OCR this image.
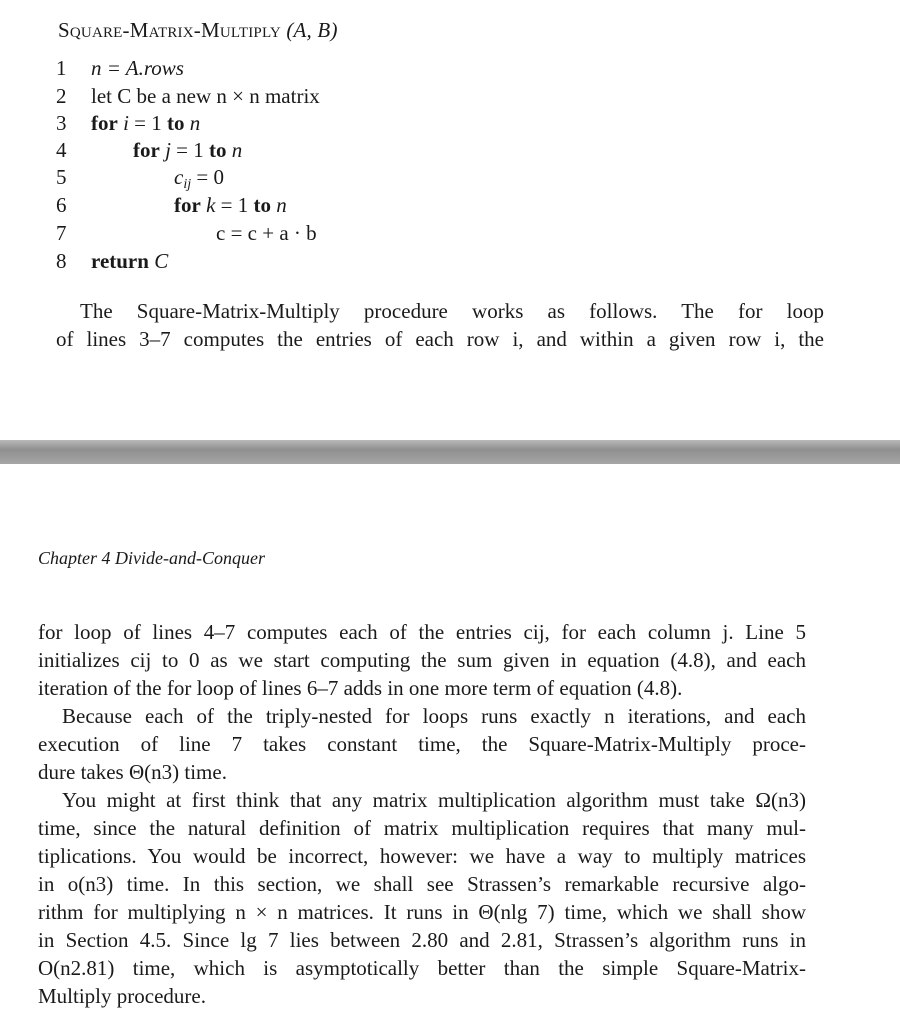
Square-Matrix-Multiply (A, B)
1	n = A.rows
2	let C be a new n × n matrix
3	for i = 1 to n
4	for j = 1 to n
5	$c_{ij} = 0$
6	for k = 1 to n
7	c = c + a · b
8	return C
The Square-Matrix-Multiply procedure works as follows. The for loop
of lines 3–7 computes the entries of each row i, and within a given row i, the
Chapter 4 Divide-and-Conquer
for loop of lines 4–7 computes each of the entries cij, for each column j. Line 5
initializes cij to 0 as we start computing the sum given in equation (4.8), and each
iteration of the for loop of lines 6–7 adds in one more term of equation (4.8).
Because each of the triply-nested for loops runs exactly n iterations, and each
execution of line 7 takes constant time, the Square-Matrix-Multiply proce-
dure takes Θ(n3) time.
You might at first think that any matrix multiplication algorithm must take Ω(n3)
time, since the natural definition of matrix multiplication requires that many mul-
tiplications. You would be incorrect, however: we have a way to multiply matrices
in o(n3) time. In this section, we shall see Strassen’s remarkable recursive algo-
rithm for multiplying n × n matrices. It runs in Θ(nlg 7) time, which we shall show
in Section 4.5. Since lg 7 lies between 2.80 and 2.81, Strassen’s algorithm runs in
O(n2.81) time, which is asymptotically better than the simple Square-Matrix-
Multiply procedure.
